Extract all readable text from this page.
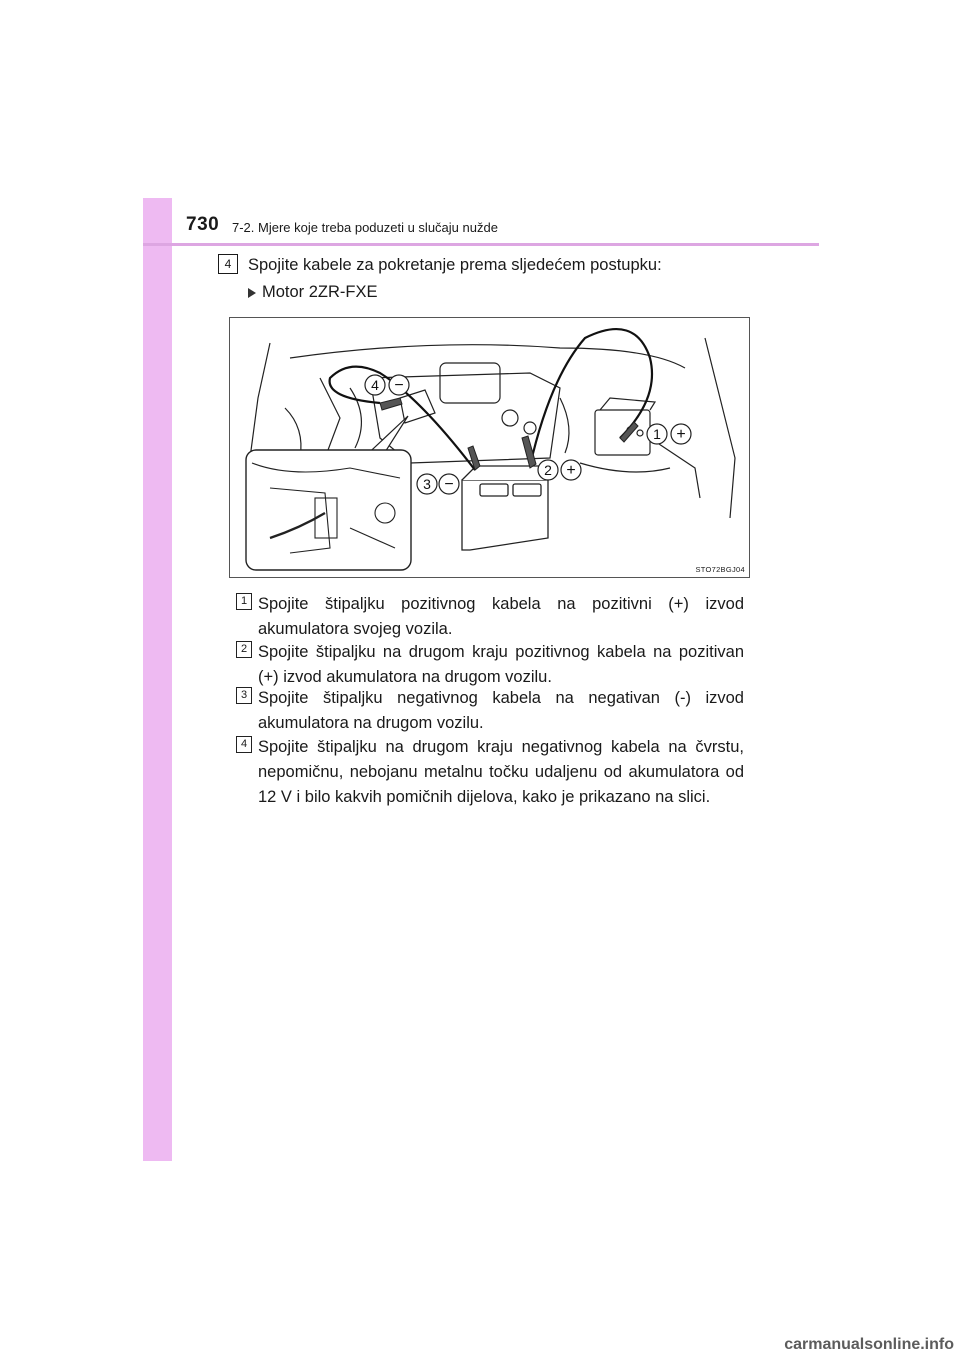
730 7-2. Mjere koje treba poduzeti u slučaju nužde
4	Spojite kabele za pokretanje prema sljedećem postupku:
Motor 2ZR-FXE
1 +
2 +
3 −
4 −
STO72BGJ04
1 Spojite štipaljku pozitivnog kabela na pozitivni (+) izvod akumulatora svojeg vozila.
2 Spojite štipaljku na drugom kraju pozitivnog kabela na pozitivan (+) izvod akumulatora na drugom vozilu.
3 Spojite štipaljku negativnog kabela na negativan (-) izvod akumulatora na drugom vozilu.
4 Spojite štipaljku na drugom kraju negativnog kabela na čvrstu, nepomičnu, nebojanu metalnu točku udaljenu od akumulatora od 12 V i bilo kakvih pomičnih dijelova, kako je prikazano na slici.
carmanualsonline.info
